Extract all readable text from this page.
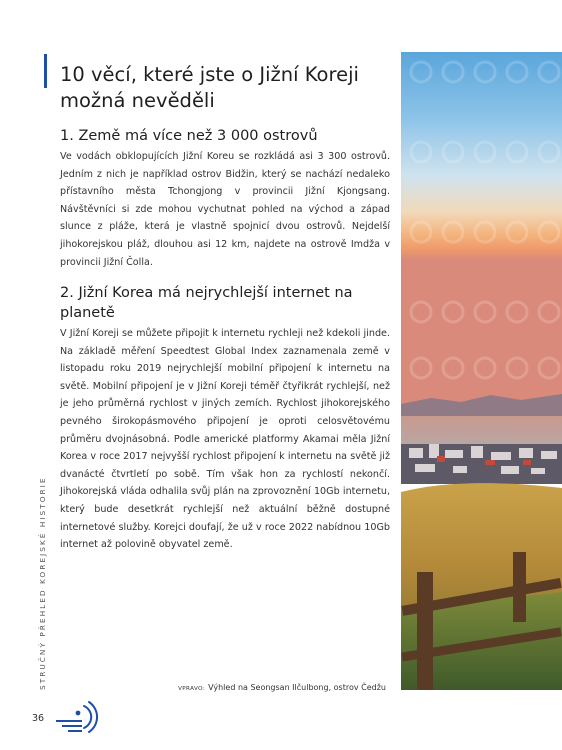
10 věcí, které jste o Jižní Koreji možná nevěděli
1. Země má více než 3 000 ostrovů

Ve vodách obklopujících Jižní Koreu se rozkládá asi 3 300 ostrovů. Jedním z nich je například ostrov Bidžin, který se nachází nedaleko přístavního města Tchongjong v provincii Jižní Kjongsang. Návštěvníci si zde mohou vychutnat pohled na východ a západ slunce z pláže, která je vlastně spojnicí dvou ostrovů. Nejdelší jihokorejskou pláž, dlouhou asi 12 km, najdete na ostrově Imdža v provincii Jižní Čolla.

2. Jižní Korea má nejrychlejší internet na planetě

V Jižní Koreji se můžete připojit k internetu rychleji než kdekoli jinde. Na základě měření Speedtest Global Index zaznamenala země v listopadu roku 2019 nejrychlejší mobilní připojení k internetu na světě. Mobilní připojení je v Jižní Koreji téměř čtyřikrát rychlejší, než je jeho průměrná rychlost v jiných zemích. Rychlost jihokorejského pevného širokopásmového připojení je oproti celosvětovému průměru dvojnásobná. Podle americké platformy Akamai měla Jižní Korea v roce 2017 nejvyšší rychlost připojení k internetu na světě již dvanácté čtvrtletí po sobě. Tím však hon za rychlostí nekončí. Jihokorejská vláda odhalila svůj plán na zprovoznění 10Gb internetu, který bude desetkrát rychlejší než aktuální běžně dostupné internetové služby. Korejci doufají, že už v roce 2022 nabídnou 10Gb internet až polovině obyvatel země.

VPRAVO: Výhled na Seongsan Ilčulbong, ostrov Čedžu
STRUČNÝ PŘEHLED KOREJSKÉ HISTORIE
36
